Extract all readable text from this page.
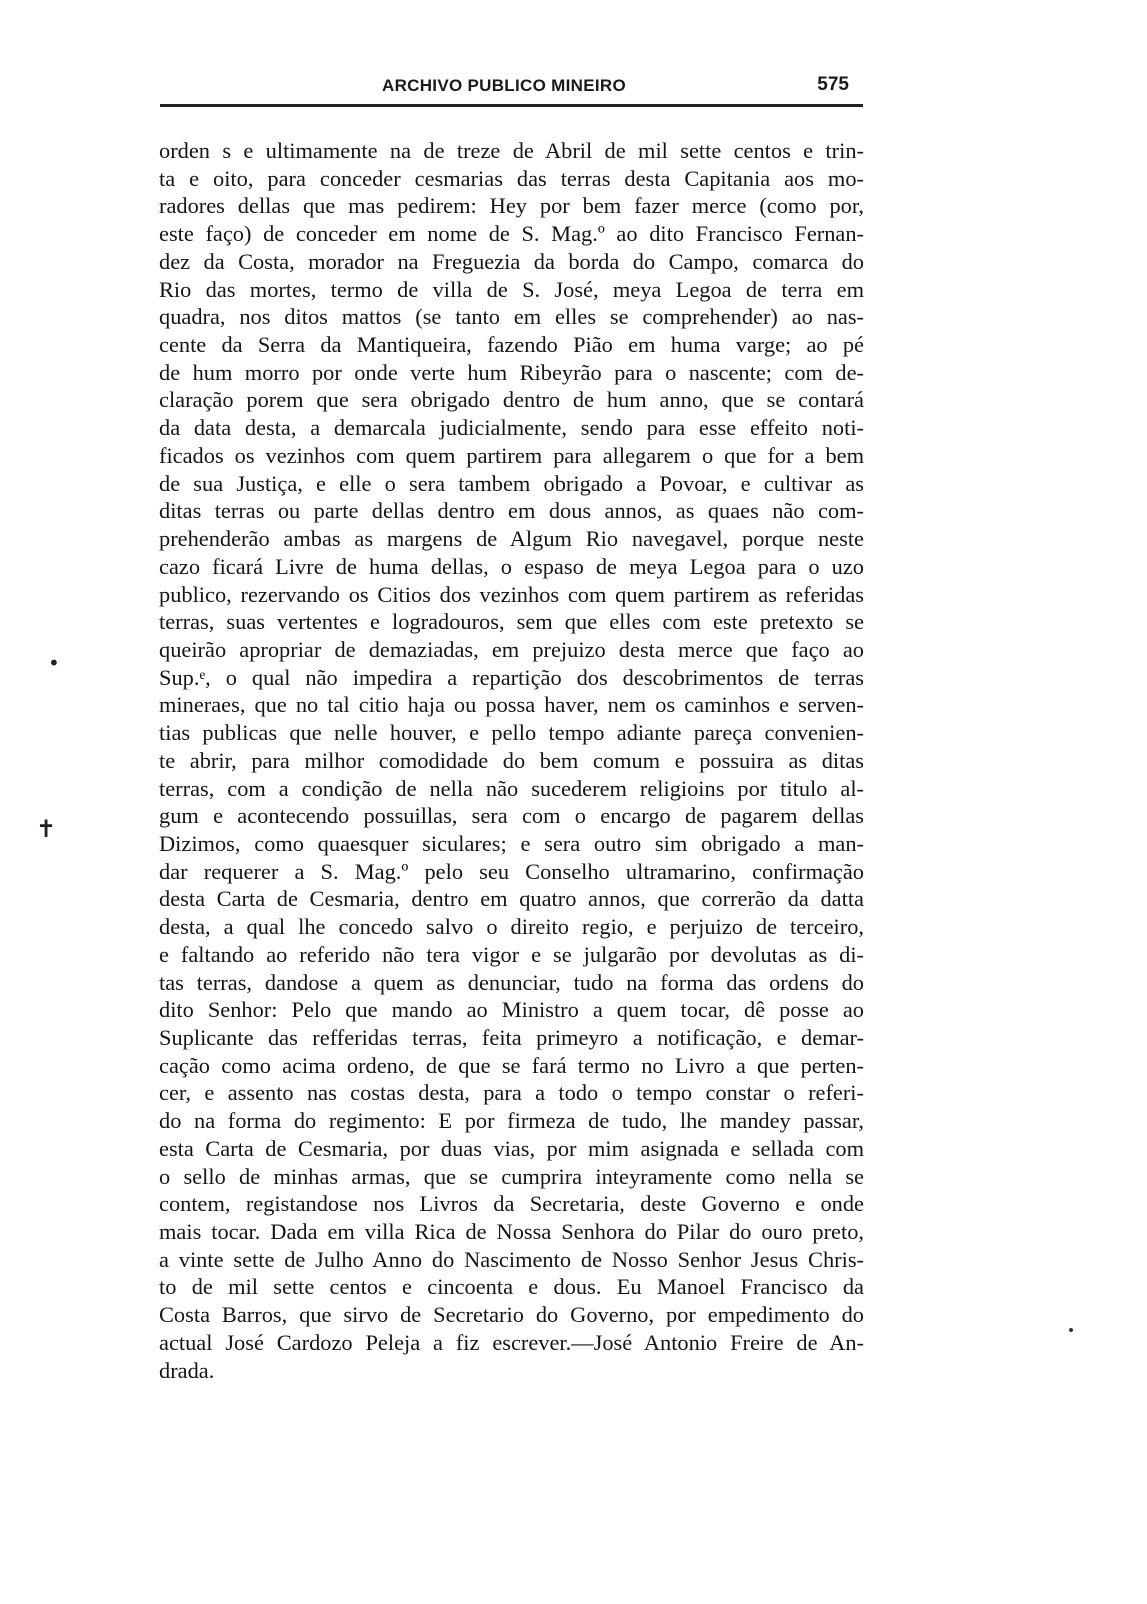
ARCHIVO PUBLICO MINEIRO	575
•
✝
orden s e ultimamente na de treze de Abril de mil sette centos e trin-
ta e oito, para conceder cesmarias das terras desta Capitania aos mo-
radores dellas que mas pedirem: Hey por bem fazer merce (como por,
este faço) de conceder em nome de S. Mag.º ao dito Francisco Fernan-
dez da Costa, morador na Freguezia da borda do Campo, comarca do
Rio das mortes, termo de villa de S. José, meya Legoa de terra em
quadra, nos ditos mattos (se tanto em elles se comprehender) ao nas-
cente da Serra da Mantiqueira, fazendo Pião em huma varge; ao pé
de hum morro por onde verte hum Ribeyrão para o nascente; com de-
claração porem que sera obrigado dentro de hum anno, que se contará
da data desta, a demarcala judicialmente, sendo para esse effeito noti-
ficados os vezinhos com quem partirem para allegarem o que for a bem
de sua Justiça, e elle o sera tambem obrigado a Povoar, e cultivar as
ditas terras ou parte dellas dentro em dous annos, as quaes não com-
prehenderão ambas as margens de Algum Rio navegavel, porque neste
cazo ficará Livre de huma dellas, o espaso de meya Legoa para o uzo
publico, rezervando os Citios dos vezinhos com quem partirem as referidas
terras, suas vertentes e logradouros, sem que elles com este pretexto se
queirão apropriar de demaziadas, em prejuizo desta merce que faço ao
Sup.ᵉ, o qual não impedira a repartição dos descobrimentos de terras
mineraes, que no tal citio haja ou possa haver, nem os caminhos e serven-
tias publicas que nelle houver, e pello tempo adiante pareça convenien-
te abrir, para milhor comodidade do bem comum e possuira as ditas
terras, com a condição de nella não sucederem religioins por titulo al-
gum e acontecendo possuillas, sera com o encargo de pagarem dellas
Dizimos, como quaesquer siculares; e sera outro sim obrigado a man-
dar requerer a S. Mag.º pelo seu Conselho ultramarino, confirmação
desta Carta de Cesmaria, dentro em quatro annos, que correrão da datta
desta, a qual lhe concedo salvo o direito regio, e perjuizo de terceiro,
e faltando ao referido não tera vigor e se julgarão por devolutas as di-
tas terras, dandose a quem as denunciar, tudo na forma das ordens do
dito Senhor: Pelo que mando ao Ministro a quem tocar, dê posse ao
Suplicante das refferidas terras, feita primeyro a notificação, e demar-
cação como acima ordeno, de que se fará termo no Livro a que perten-
cer, e assento nas costas desta, para a todo o tempo constar o referi-
do na forma do regimento: E por firmeza de tudo, lhe mandey passar,
esta Carta de Cesmaria, por duas vias, por mim asignada e sellada com
o sello de minhas armas, que se cumprira inteyramente como nella se
contem, registandose nos Livros da Secretaria, deste Governo e onde
mais tocar. Dada em villa Rica de Nossa Senhora do Pilar do ouro preto,
a vinte sette de Julho Anno do Nascimento de Nosso Senhor Jesus Chris-
to de mil sette centos e cincoenta e dous. Eu Manoel Francisco da
Costa Barros, que sirvo de Secretario do Governo, por empedimento do
actual José Cardozo Peleja a fiz escrever.—José Antonio Freire de An-
drada.
